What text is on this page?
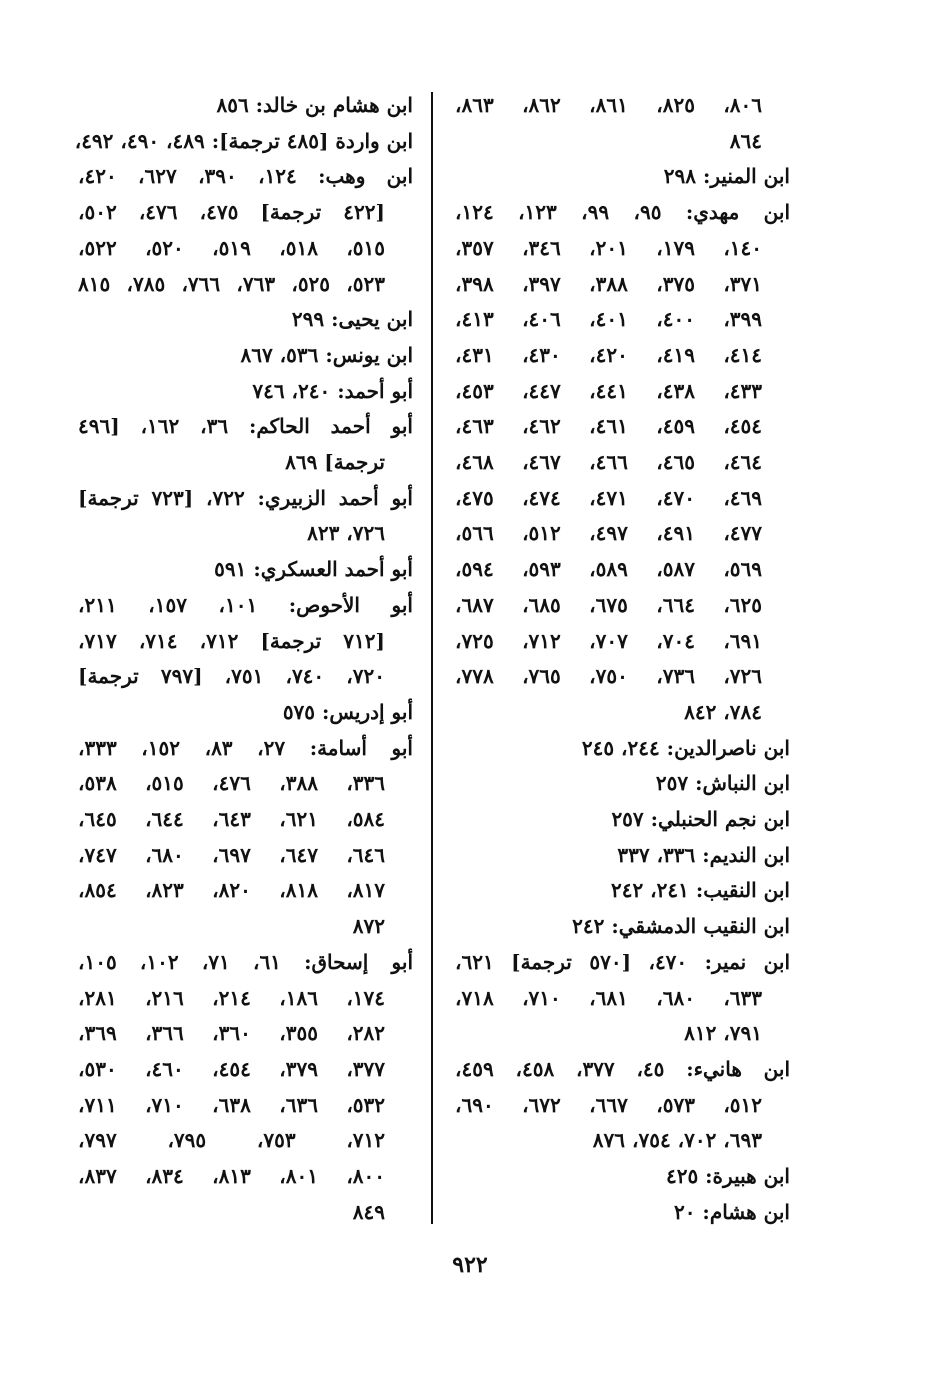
٨٠٦، ٨٢٥، ٨٦١، ٨٦٢، ٨٦٣،
٨٦٤
ابن المنير: ٢٩٨
ابن مهدي: ٩٥، ٩٩، ١٢٣، ١٢٤،
١٤٠، ١٧٩، ٢٠١، ٣٤٦، ٣٥٧،
٣٧١، ٣٧٥، ٣٨٨، ٣٩٧، ٣٩٨،
٣٩٩، ٤٠٠، ٤٠١، ٤٠٦، ٤١٣،
٤١٤، ٤١٩، ٤٢٠، ٤٣٠، ٤٣١،
٤٣٣، ٤٣٨، ٤٤١، ٤٤٧، ٤٥٣،
٤٥٤، ٤٥٩، ٤٦١، ٤٦٢، ٤٦٣،
٤٦٤، ٤٦٥، ٤٦٦، ٤٦٧، ٤٦٨،
٤٦٩، ٤٧٠، ٤٧١، ٤٧٤، ٤٧٥،
٤٧٧، ٤٩١، ٤٩٧، ٥١٢، ٥٦٦،
٥٦٩، ٥٨٧، ٥٨٩، ٥٩٣، ٥٩٤،
٦٢٥، ٦٦٤، ٦٧٥، ٦٨٥، ٦٨٧،
٦٩١، ٧٠٤، ٧٠٧، ٧١٢، ٧٢٥،
٧٢٦، ٧٣٦، ٧٥٠، ٧٦٥، ٧٧٨،
٧٨٤، ٨٤٢
ابن ناصرالدين: ٢٤٤، ٢٤٥
ابن النباش: ٢٥٧
ابن نجم الحنبلي: ٢٥٧
ابن النديم: ٣٣٦، ٣٣٧
ابن النقيب: ٢٤١، ٢٤٢
ابن النقيب الدمشقي: ٢٤٢
ابن نمير: ٤٧٠، [٥٧٠ ترجمة] ٦٢١،
٦٣٣، ٦٨٠، ٦٨١، ٧١٠، ٧١٨،
٧٩١، ٨١٢
ابن هانيء: ٤٥، ٣٧٧، ٤٥٨، ٤٥٩،
٥١٢، ٥٧٣، ٦٦٧، ٦٧٢، ٦٩٠،
٦٩٣، ٧٠٢، ٧٥٤، ٨٧٦
ابن هبيرة: ٤٢٥
ابن هشام: ٢٠
ابن هشام بن خالد: ٨٥٦
ابن واردة [٤٨٥ ترجمة]: ٤٨٩، ٤٩٠، ٤٩٢،
ابن وهب: ١٢٤، ٣٩٠، ٦٢٧، ٤٢٠،
[٤٢٢ ترجمة] ٤٧٥، ٤٧٦، ٥٠٢،
٥١٥، ٥١٨، ٥١٩، ٥٢٠، ٥٢٢،
٥٢٣، ٥٢٥، ٧٦٣، ٧٦٦، ٧٨٥، ٨١٥
ابن يحيى: ٢٩٩
ابن يونس: ٥٣٦، ٨٦٧
أبو أحمد: ٢٤٠، ٧٤٦
أبو أحمد الحاكم: ٣٦، ١٦٢، [٤٩٦
ترجمة] ٨٦٩
أبو أحمد الزبيري: ٧٢٢، [٧٢٣ ترجمة]
٧٢٦، ٨٢٣
أبو أحمد العسكري: ٥٩١
أبو الأحوص: ١٠١، ١٥٧، ٢١١،
[٧١٢ ترجمة] ٧١٢، ٧١٤، ٧١٧،
٧٢٠، ٧٤٠، ٧٥١، [٧٩٧ ترجمة]
أبو إدريس: ٥٧٥
أبو أسامة: ٢٧، ٨٣، ١٥٢، ٣٣٣،
٣٣٦، ٣٨٨، ٤٧٦، ٥١٥، ٥٣٨،
٥٨٤، ٦٢١، ٦٤٣، ٦٤٤، ٦٤٥،
٦٤٦، ٦٤٧، ٦٩٧، ٦٨٠، ٧٤٧،
٨١٧، ٨١٨، ٨٢٠، ٨٢٣، ٨٥٤،
٨٧٢
أبو إسحاق: ٦١، ٧١، ١٠٢، ١٠٥،
١٧٤، ١٨٦، ٢١٤، ٢١٦، ٢٨١،
٢٨٢، ٣٥٥، ٣٦٠، ٣٦٦، ٣٦٩،
٣٧٧، ٣٧٩، ٤٥٤، ٤٦٠، ٥٣٠،
٥٣٢، ٦٣٦، ٦٣٨، ٧١٠، ٧١١،
٧١٢، ٧٥٣، ٧٩٥، ٧٩٧،
٨٠٠، ٨٠١، ٨١٣، ٨٣٤، ٨٣٧،
٨٤٩
٩٢٢
